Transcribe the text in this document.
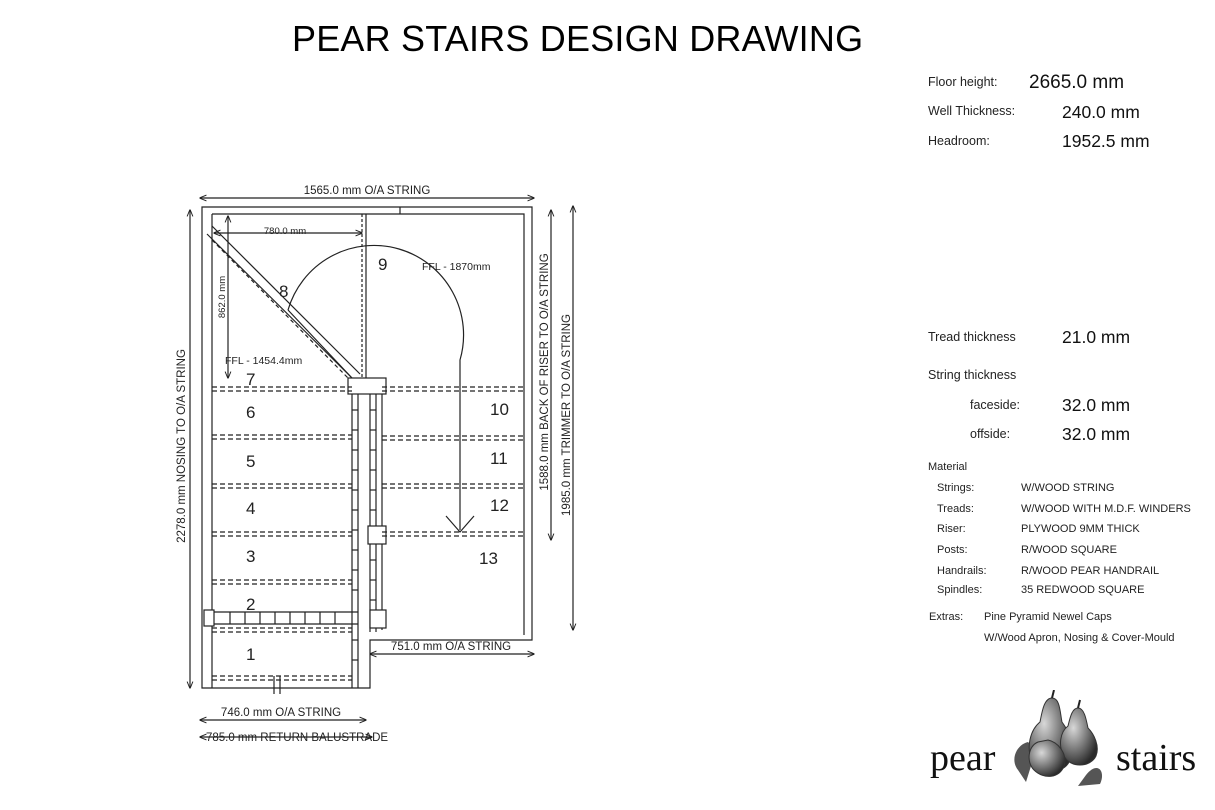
PEAR STAIRS DESIGN DRAWING
Floor height: 2665.0 mm
Well Thickness:	240.0 mm
Headroom:	1952.5 mm
Tread thickness	21.0 mm
String thickness
faceside: 32.0 mm
offside:	32.0 mm
Material
Strings:	W/WOOD STRING
Treads:	W/WOOD WITH M.D.F. WINDERS
Riser:	PLYWOOD 9MM THICK
Posts:	R/WOOD SQUARE
Handrails:	R/WOOD PEAR HANDRAIL
Spindles:	35 REDWOOD SQUARE
Extras: Pine Pyramid Newel Caps
W/Wood Apron, Nosing & Cover-Mould
1565.0 mm O/A STRING
780.0 mm
862.0 mm
FFL - 1870mm
FFL - 1454.4mm
2278.0 mm NOSING TO O/A STRING	1588.0 mm BACK OF RISER TO O/A STRING 1985.0 mm TRIMMER TO O/A STRING
751.0 mm O/A STRING
746.0 mm O/A STRING
785.0 mm RETURN BALUSTRADE
1
2
3
4
5
6
7
8
9
10
11
12
13
pear	stairs
